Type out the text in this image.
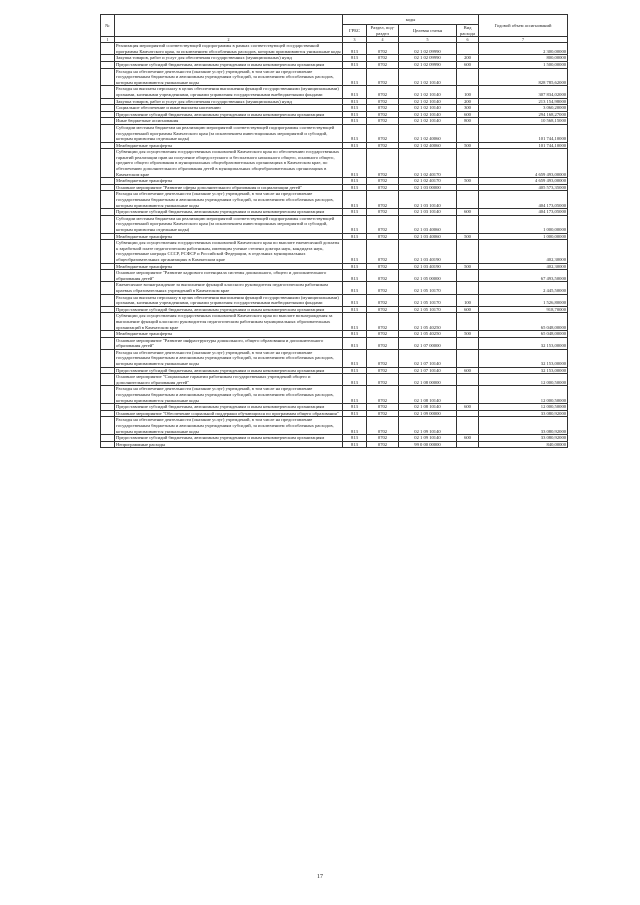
№		коды				Годовой объем ассигнований
		ГРБС	Раздел, под-раздел	Целевая статья	Вид расхода	
1	2	3	4	5	6	7
	Реализация мероприятий соответствующей подпрограммы в рамках соответствующей государственной программы Камчатского края, за исключением обособленных расходов, которым присваиваются уникальные коды	813	0702	02 1 02 09990		2 300,00000
	Закупка товаров, работ и услуг для обеспечения государственных (муниципальных) нужд	813	0702	02 1 02 09990	200	800,00000
	Предоставление субсидий бюджетным, автономным учреждениям и иным некоммерческим организациям	813	0702	02 1 02 09990	600	1 500,00000
	Расходы на обеспечение деятельности (оказание услуг) учреждений, в том числе на предоставление государственным бюджетным и автономным учреждениям субсидий, за исключением обособленных расходов, которым присваиваются уникальные коды	813	0702	02 1 02 10140		828 785,62000
	Расходы на выплаты персоналу в целях обеспечения выполнения функций государственными (муниципальными) органами, казенными учреждениями, органами управления государственными внебюджетными фондами	813	0702	02 1 02 10140	100	307 834,02000
	Закупка товаров, работ и услуг для обеспечения государственных (муниципальных) нужд	813	0702	02 1 02 10140	200	213 154,98000
	Социальное обеспечение и иные выплаты населению	813	0702	02 1 02 10140	300	3 060,20000
	Предоставление субсидий бюджетным, автономным учреждениям и иным некоммерческим организациям	813	0702	02 1 02 10140	600	294 168,27000
	Иные бюджетные ассигнования	813	0702	02 1 02 10140	800	10 568,15000
	Субсидии местным бюджетам на реализацию мероприятий соответствующей подпрограммы соответствующей государственной программы Камчатского края (за исключением инвестиционных мероприятий и субсидий, которым присвоены отдельные коды)	813	0702	02 1 02 40060		101 744,10000
	Межбюджетные трансферты	813	0702	02 1 02 40060	500	101 744,10000
	Субвенции для осуществления государственных полномочий Камчатского края по обеспечению государственных гарантий реализации прав на получение общедоступного и бесплатного начального общего, основного общего, среднего общего образования в муниципальных общеобразовательных организациях в Камчатском крае, по обеспечению дополнительного образования детей в муниципальных общеобразовательных организациях в Камчатском крае	813	0702	02 1 02 40170		4 659 493,00000
	Межбюджетные трансферты	813	0702	02 1 02 40170	500	4 659 493,00000
	Основное мероприятие "Развитие сферы дополнительного образования и социализации детей"	813	0702	02 1 03 00000		405 573,35000
	Расходы на обеспечение деятельности (оказание услуг) учреждений, в том числе на предоставление государственным бюджетным и автономным учреждениям субсидий, за исключением обособленных расходов, которым присваиваются уникальные коды	813	0702	02 1 03 10140		404 173,05000
	Предоставление субсидий бюджетным, автономным учреждениям и иным некоммерческим организациям	813	0702	02 1 03 10140	600	404 173,05000
	Субсидии местным бюджетам на реализацию мероприятий соответствующей подпрограммы соответствующей государственной программы Камчатского края (за исключением инвестиционных мероприятий и субсидий, которым присвоены отдельные коды)	813	0702	02 1 03 40060		1 000,00000
	Межбюджетные трансферты	813	0702	02 1 03 40060	500	1 000,00000
	Субвенции для осуществления государственных полномочий Камчатского края по выплате ежемесячной доплаты к заработной плате педагогическим работникам, имеющим ученые степени доктора наук, кандидата наук, государственные награды СССР, РСФСР и Российской Федерации, в отдельных муниципальных общеобразовательных организациях в Камчатском крае	813	0702	02 1 03 40190		402,30000
	Межбюджетные трансферты	813	0702	02 1 03 40190	500	402,30000
	Основное мероприятие "Развитие кадрового потенциала системы дошкольного, общего и дополнительного образования детей"	813	0702	02 1 05 00000		67 493,50000
	Ежемесячное вознаграждение за выполнение функций классного руководителя педагогическим работникам краевых образовательных учреждений в Камчатском крае	813	0702	02 1 05 10170		2 445,50000
	Расходы на выплаты персоналу в целях обеспечения выполнения функций государственными (муниципальными) органами, казенными учреждениями, органами управления государственными внебюджетными фондами	813	0702	02 1 05 10170	100	1 526,80000
	Предоставление субсидий бюджетным, автономным учреждениям и иным некоммерческим организациям	813	0702	02 1 05 10170	600	918,70000
	Субвенции для осуществления государственных полномочий Камчатского края по выплате вознаграждения за выполнение функций классного руководителя педагогическим работникам муниципальных образовательных организаций в Камчатском крае	813	0702	02 1 05 40250		65 048,00000
	Межбюджетные трансферты	813	0702	02 1 05 40250	500	65 048,00000
	Основное мероприятие "Развитие инфраструктуры дошкольного, общего образования и дополнительного образования детей"	813	0702	02 1 07 00000		32 153,00000
	Расходы на обеспечение деятельности (оказание услуг) учреждений, в том числе на предоставление государственным бюджетным и автономным учреждениям субсидий, за исключением обособленных расходов, которым присваиваются уникальные коды	813	0702	02 1 07 10140		32 153,00000
	Предоставление субсидий бюджетным, автономным учреждениям и иным некоммерческим организациям	813	0702	02 1 07 10140	600	32 153,00000
	Основное мероприятие "Социальные гарантии работникам государственных учреждений общего и дополнительного образования детей"	813	0702	02 1 08 00000		12 000,50000
	Расходы на обеспечение деятельности (оказание услуг) учреждений, в том числе на предоставление государственным бюджетным и автономным учреждениям субсидий, за исключением обособленных расходов, которым присваиваются уникальные коды	813	0702	02 1 08 10140		12 000,50000
	Предоставление субсидий бюджетным, автономным учреждениям и иным некоммерческим организациям	813	0702	02 1 08 10140	600	12 000,50000
	Основное мероприятие "Обеспечение социальной поддержки обучающихся по программам общего образования"	813	0702	02 1 09 00000		33 080,92000
	Расходы на обеспечение деятельности (оказание услуг) учреждений, в том числе на предоставление государственным бюджетным и автономным учреждениям субсидий, за исключением обособленных расходов, которым присваиваются уникальные коды	813	0702	02 1 09 10140		33 080,92000
	Предоставление субсидий бюджетным, автономным учреждениям и иным некоммерческим организациям	813	0702	02 1 09 10140	600	33 080,92000
	Непрограммные расходы	813	0702	99 0 00 00000		840,00000
17
